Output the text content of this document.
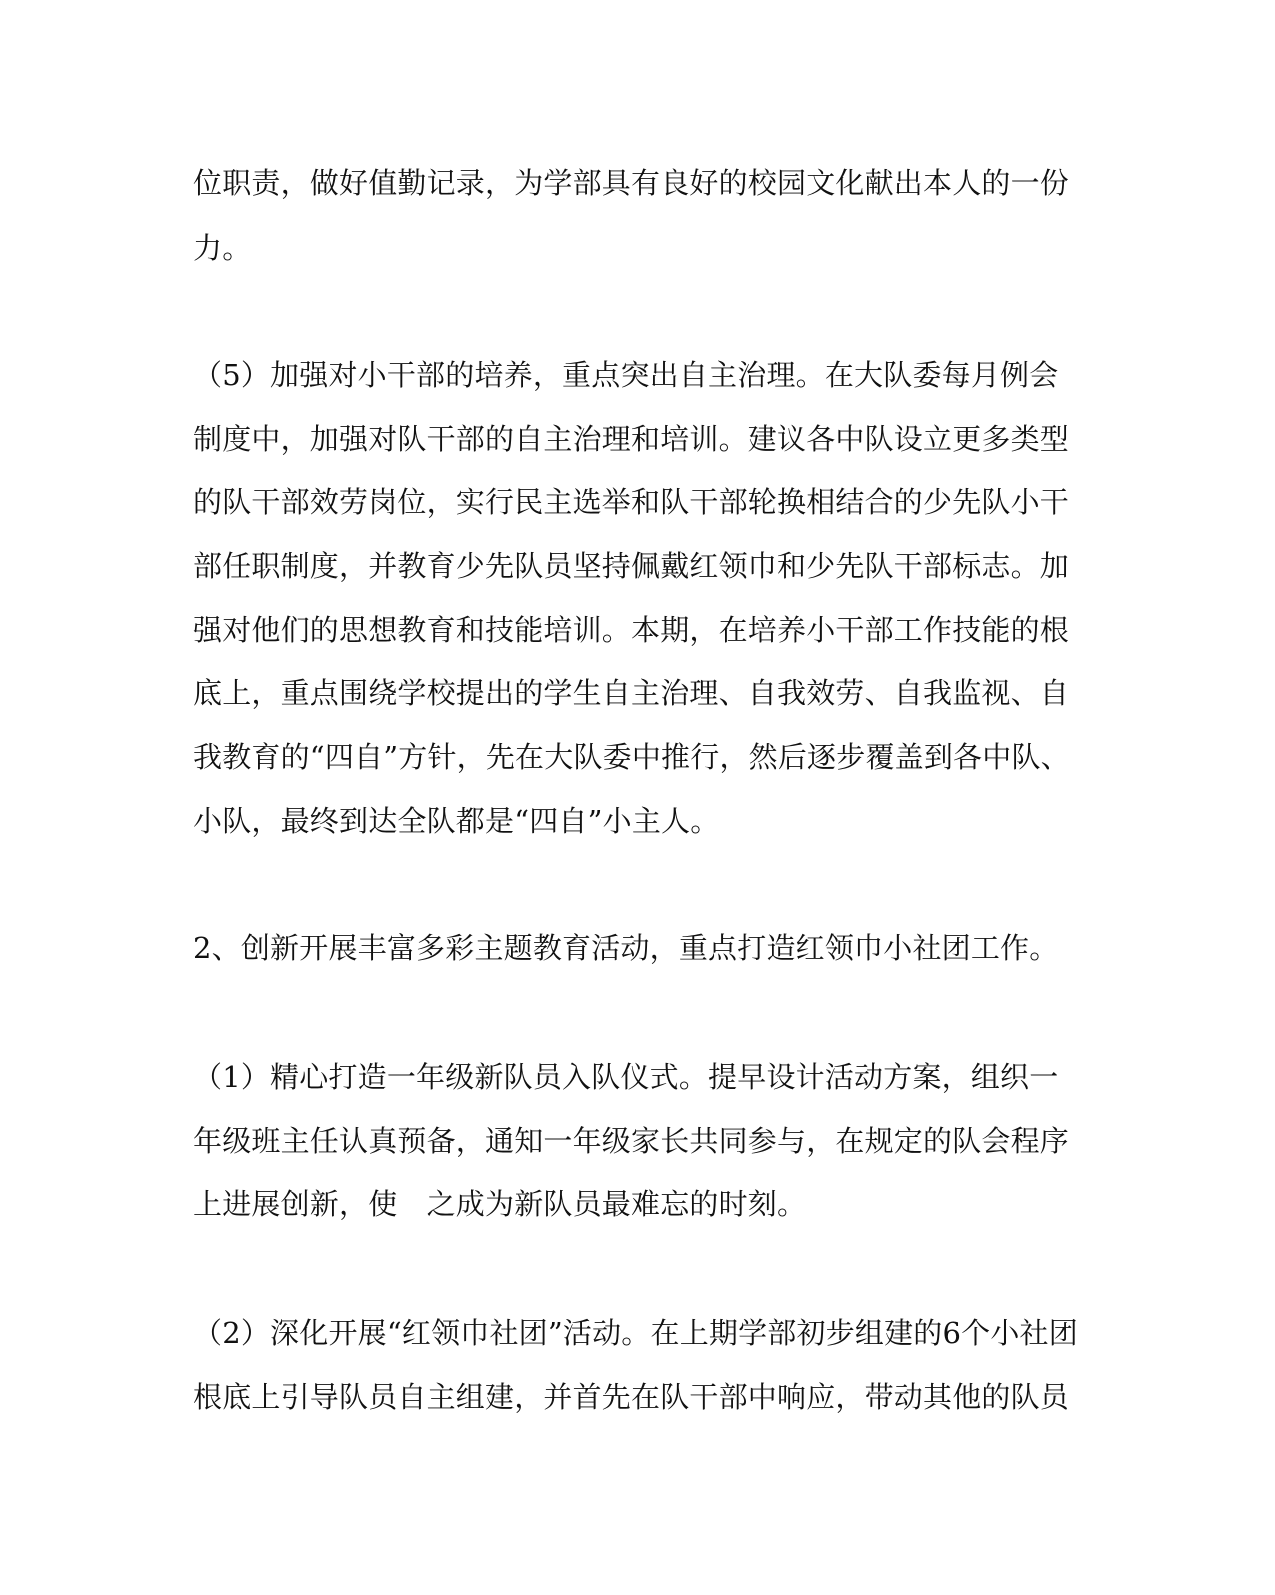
位职责，做好值勤记录，为学部具有良好的校园文化献出本人的一份
力。
（5）加强对小干部的培养，重点突出自主治理。在大队委每月例会
制度中，加强对队干部的自主治理和培训。建议各中队设立更多类型
的队干部效劳岗位，实行民主选举和队干部轮换相结合的少先队小干
部任职制度，并教育少先队员坚持佩戴红领巾和少先队干部标志。加
强对他们的思想教育和技能培训。本期，在培养小干部工作技能的根
底上，重点围绕学校提出的学生自主治理、自我效劳、自我监视、自
我教育的“四自”方针，先在大队委中推行，然后逐步覆盖到各中队、
小队，最终到达全队都是“四自”小主人。
2、创新开展丰富多彩主题教育活动，重点打造红领巾小社团工作。
（1）精心打造一年级新队员入队仪式。提早设计活动方案，组织一
年级班主任认真预备，通知一年级家长共同参与，在规定的队会程序
上进展创新，使　之成为新队员最难忘的时刻。
（2）深化开展“红领巾社团”活动。在上期学部初步组建的6个小社团
根底上引导队员自主组建，并首先在队干部中响应，带动其他的队员
